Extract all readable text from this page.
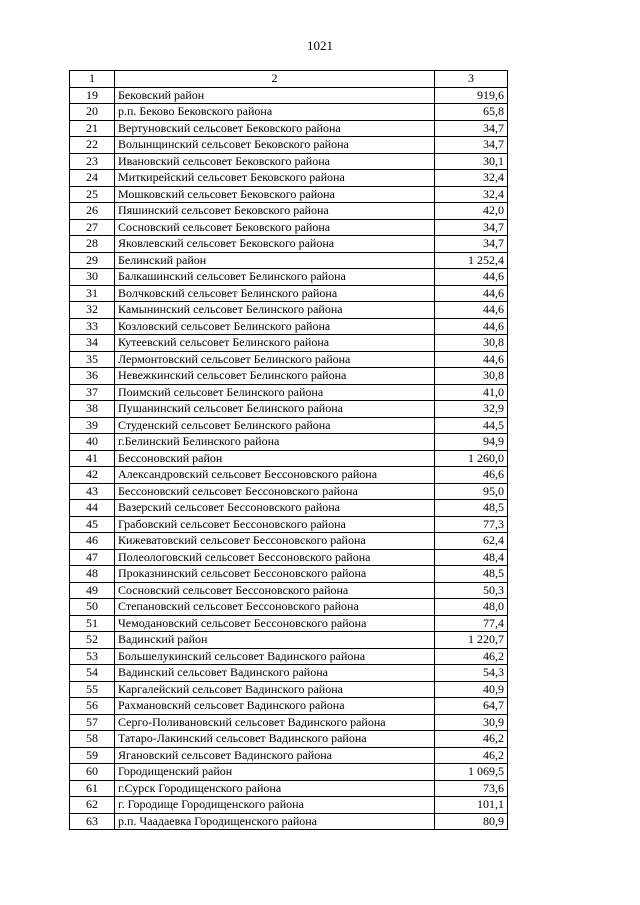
1021
1	2	3
19	Бековский район	919,6
20	р.п. Беково Бековского района	65,8
21	Вертуновский сельсовет Бековского района	34,7
22	Волынщинский сельсовет Бековского района	34,7
23	Ивановский сельсовет Бековского района	30,1
24	Миткирейский сельсовет Бековского района	32,4
25	Мошковский сельсовет Бековского района	32,4
26	Пяшинский сельсовет Бековского района	42,0
27	Сосновский сельсовет Бековского района	34,7
28	Яковлевский сельсовет Бековского района	34,7
29	Белинский район	1 252,4
30	Балкашинский сельсовет Белинского района	44,6
31	Волчковский сельсовет Белинского района	44,6
32	Камынинский сельсовет Белинского района	44,6
33	Козловский сельсовет Белинского района	44,6
34	Кутеевский сельсовет Белинского района	30,8
35	Лермонтовский сельсовет Белинского района	44,6
36	Невежкинский сельсовет Белинского района	30,8
37	Поимский сельсовет Белинского района	41,0
38	Пушанинский сельсовет Белинского района	32,9
39	Студенский сельсовет Белинского района	44,5
40	г.Белинский Белинского района	94,9
41	Бессоновский район	1 260,0
42	Александровский сельсовет Бессоновского района	46,6
43	Бессоновский сельсовет Бессоновского района	95,0
44	Вазерский сельсовет Бессоновского района	48,5
45	Грабовский сельсовет Бессоновского района	77,3
46	Кижеватовский сельсовет Бессоновского района	62,4
47	Полеологовский сельсовет Бессоновского района	48,4
48	Проказнинский сельсовет Бессоновского района	48,5
49	Сосновский сельсовет Бессоновского района	50,3
50	Степановский сельсовет Бессоновского района	48,0
51	Чемодановский сельсовет Бессоновского района	77,4
52	Вадинский район	1 220,7
53	Большелукинский сельсовет Вадинского района	46,2
54	Вадинский сельсовет Вадинского района	54,3
55	Каргалейский сельсовет Вадинского района	40,9
56	Рахмановский сельсовет Вадинского района	64,7
57	Серго-Поливановский сельсовет Вадинского района	30,9
58	Татаро-Лакинский сельсовет Вадинского района	46,2
59	Ягановский сельсовет Вадинского района	46,2
60	Городищенский район	1 069,5
61	г.Сурск Городищенского района	73,6
62	г. Городище Городищенского района	101,1
63	р.п. Чаадаевка Городищенского района	80,9
